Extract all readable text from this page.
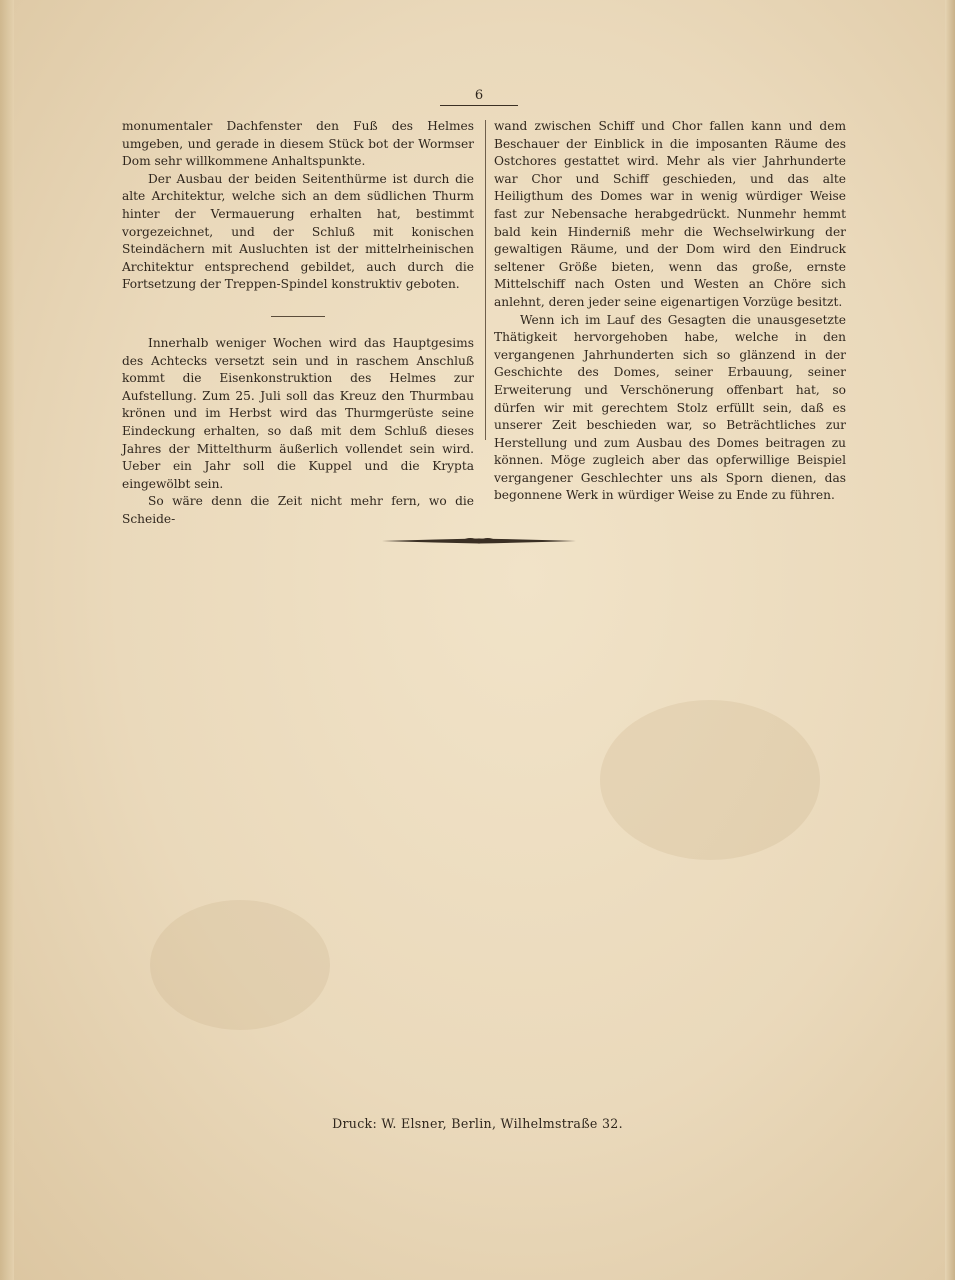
6

monumentaler Dachfenster den Fuß des Helmes umgeben, und gerade in diesem Stück bot der Wormser Dom sehr willkommene Anhaltspunkte.

Der Ausbau der beiden Seitenthürme ist durch die alte Architektur, welche sich an dem südlichen Thurm hinter der Vermauerung erhalten hat, bestimmt vorgezeichnet, und der Schluß mit konischen Steindächern mit Ausluchten ist der mittelrheinischen Architektur entsprechend gebildet, auch durch die Fortsetzung der Treppen-Spindel konstruktiv geboten.

Innerhalb weniger Wochen wird das Hauptgesims des Achtecks versetzt sein und in raschem Anschluß kommt die Eisenkonstruktion des Helmes zur Aufstellung. Zum 25. Juli soll das Kreuz den Thurmbau krönen und im Herbst wird das Thurmgerüste seine Eindeckung erhalten, so daß mit dem Schluß dieses Jahres der Mittelthurm äußerlich vollendet sein wird. Ueber ein Jahr soll die Kuppel und die Krypta eingewölbt sein.

So wäre denn die Zeit nicht mehr fern, wo die Scheide-

wand zwischen Schiff und Chor fallen kann und dem Beschauer der Einblick in die imposanten Räume des Ostchores gestattet wird. Mehr als vier Jahrhunderte war Chor und Schiff geschieden, und das alte Heiligthum des Domes war in wenig würdiger Weise fast zur Nebensache herabgedrückt. Nunmehr hemmt bald kein Hinderniß mehr die Wechselwirkung der gewaltigen Räume, und der Dom wird den Eindruck seltener Größe bieten, wenn das große, ernste Mittelschiff nach Osten und Westen an Chöre sich anlehnt, deren jeder seine eigenartigen Vorzüge besitzt.

Wenn ich im Lauf des Gesagten die unausgesetzte Thätigkeit hervorgehoben habe, welche in den vergangenen Jahrhunderten sich so glänzend in der Geschichte des Domes, seiner Erbauung, seiner Erweiterung und Verschönerung offenbart hat, so dürfen wir mit gerechtem Stolz erfüllt sein, daß es unserer Zeit beschieden war, so Beträchtliches zur Herstellung und zum Ausbau des Domes beitragen zu können. Möge zugleich aber das opferwillige Beispiel vergangener Geschlechter uns als Sporn dienen, das begonnene Werk in würdiger Weise zu Ende zu führen.

Druck: W. Elsner, Berlin, Wilhelmstraße 32.
